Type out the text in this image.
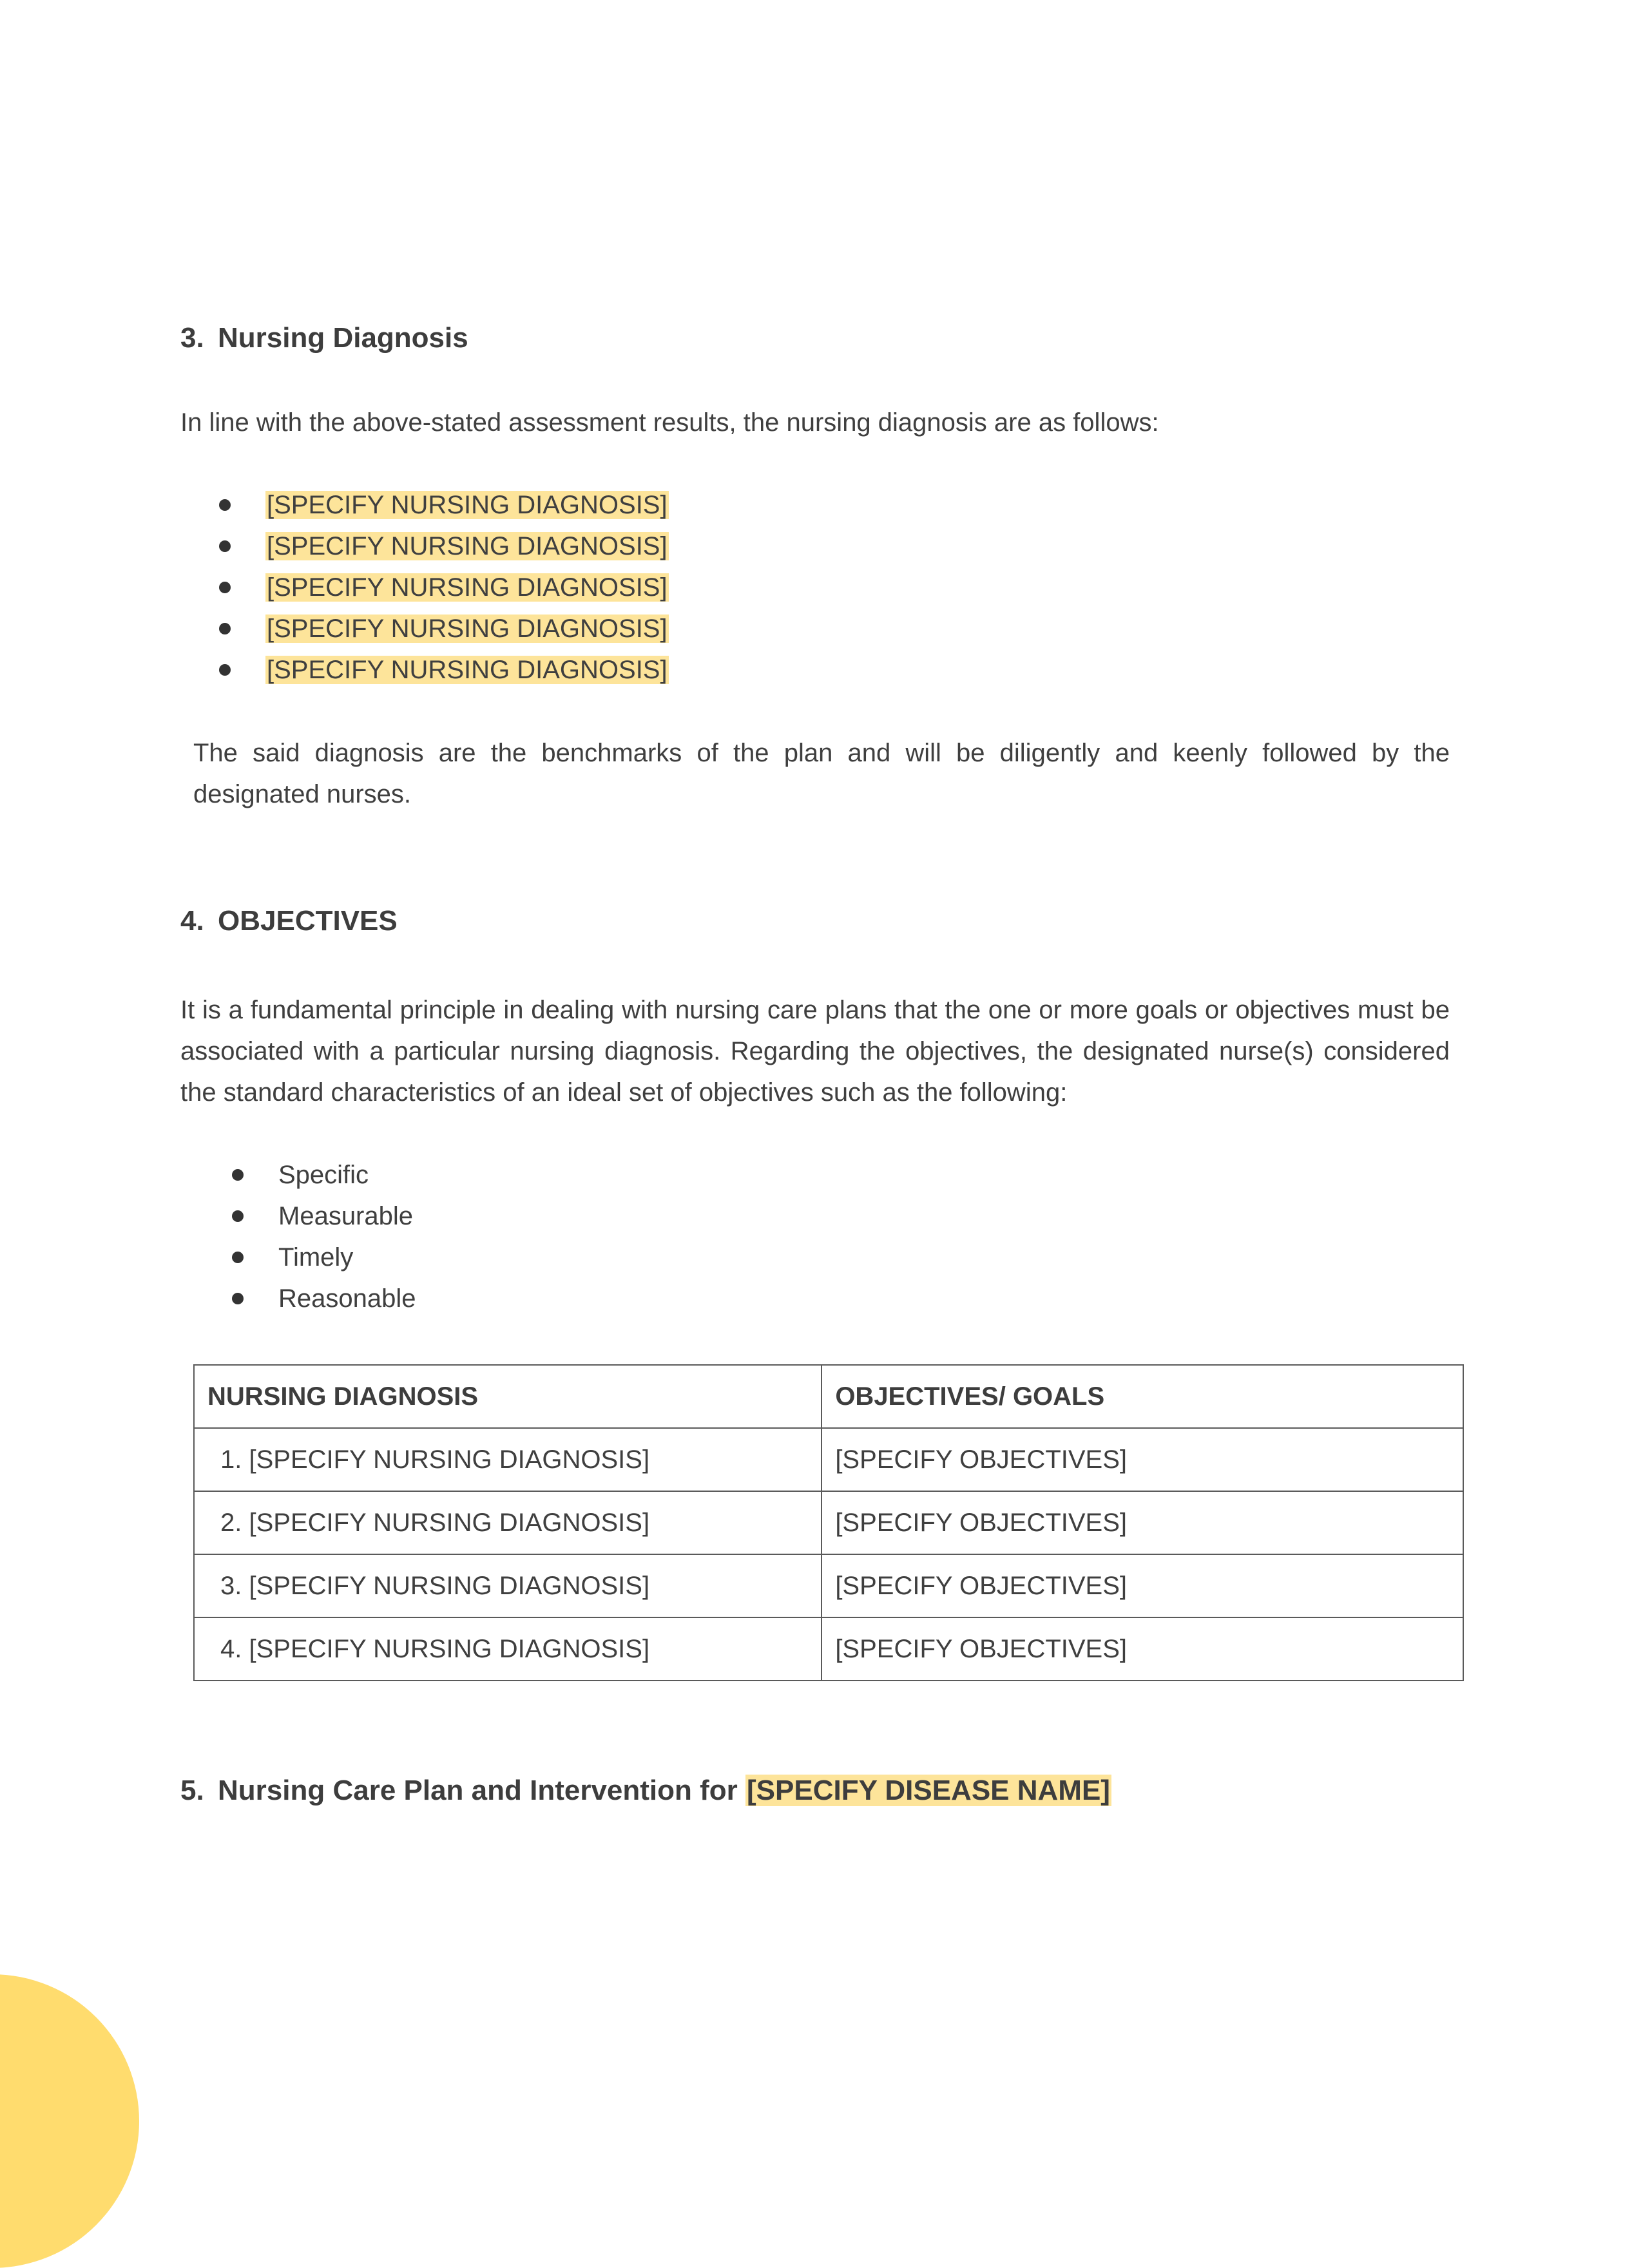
3. Nursing Diagnosis
In line with the above-stated assessment results, the nursing diagnosis are as follows:
[SPECIFY NURSING DIAGNOSIS]
[SPECIFY NURSING DIAGNOSIS]
[SPECIFY NURSING DIAGNOSIS]
[SPECIFY NURSING DIAGNOSIS]
[SPECIFY NURSING DIAGNOSIS]
The said diagnosis are the benchmarks of the plan and will be diligently and keenly followed by the designated nurses.
4. OBJECTIVES
It is a fundamental principle in dealing with nursing care plans that the one or more goals or objectives must be associated with a particular nursing diagnosis. Regarding the objectives, the designated nurse(s) considered the standard characteristics of an ideal set of objectives such as the following:
Specific
Measurable
Timely
Reasonable
NURSING DIAGNOSIS	OBJECTIVES/ GOALS
1. [SPECIFY NURSING DIAGNOSIS]	[SPECIFY OBJECTIVES]
2. [SPECIFY NURSING DIAGNOSIS]	[SPECIFY OBJECTIVES]
3. [SPECIFY NURSING DIAGNOSIS]	[SPECIFY OBJECTIVES]
4. [SPECIFY NURSING DIAGNOSIS]	[SPECIFY OBJECTIVES]
5. Nursing Care Plan and Intervention for [SPECIFY DISEASE NAME]
